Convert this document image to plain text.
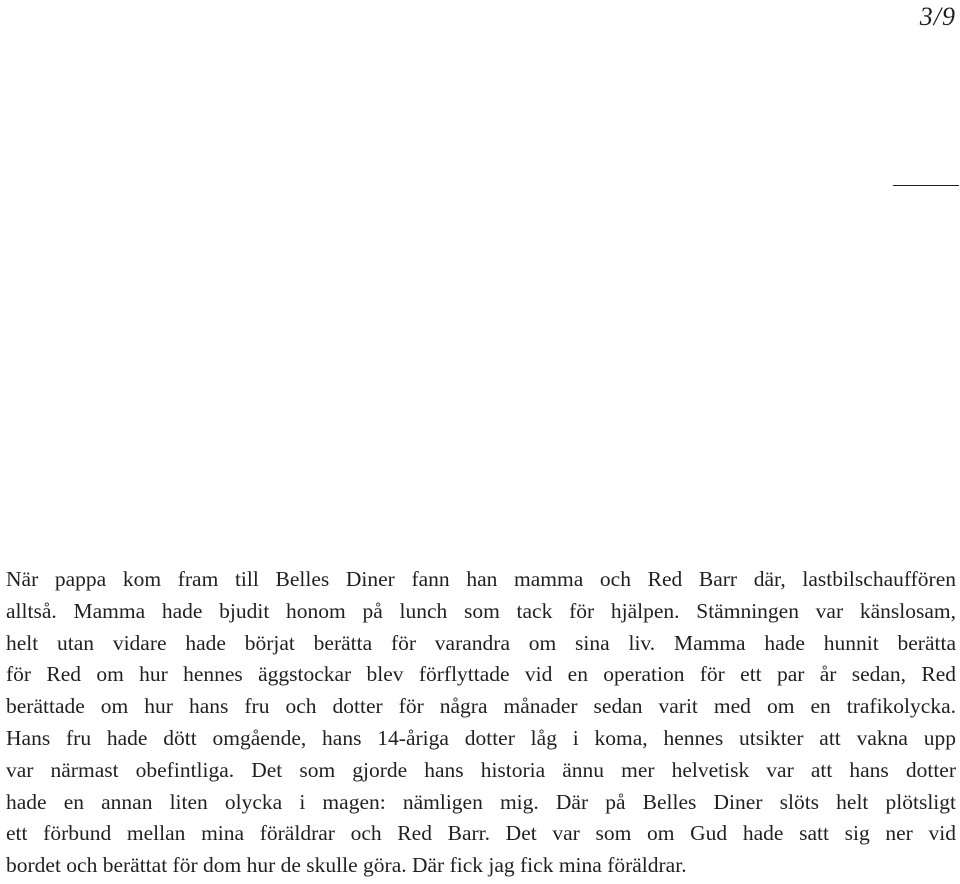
3/9

När pappa kom fram till Belles Diner fann han mamma och Red Barr där, lastbilschauffören
alltså. Mamma hade bjudit honom på lunch som tack för hjälpen. Stämningen var känslosam,
helt utan vidare hade börjat berätta för varandra om sina liv. Mamma hade hunnit berätta
för Red om hur hennes äggstockar blev förflyttade vid en operation för ett par år sedan, Red
berättade om hur hans fru och dotter för några månader sedan varit med om en trafikolycka.
Hans fru hade dött omgående, hans 14-åriga dotter låg i koma, hennes utsikter att vakna upp
var närmast obefintliga. Det som gjorde hans historia ännu mer helvetisk var att hans dotter
hade en annan liten olycka i magen: nämligen mig. Där på Belles Diner slöts helt plötsligt
ett förbund mellan mina föräldrar och Red Barr. Det var som om Gud hade satt sig ner vid
bordet och berättat för dom hur de skulle göra. Där fick jag fick mina föräldrar.
